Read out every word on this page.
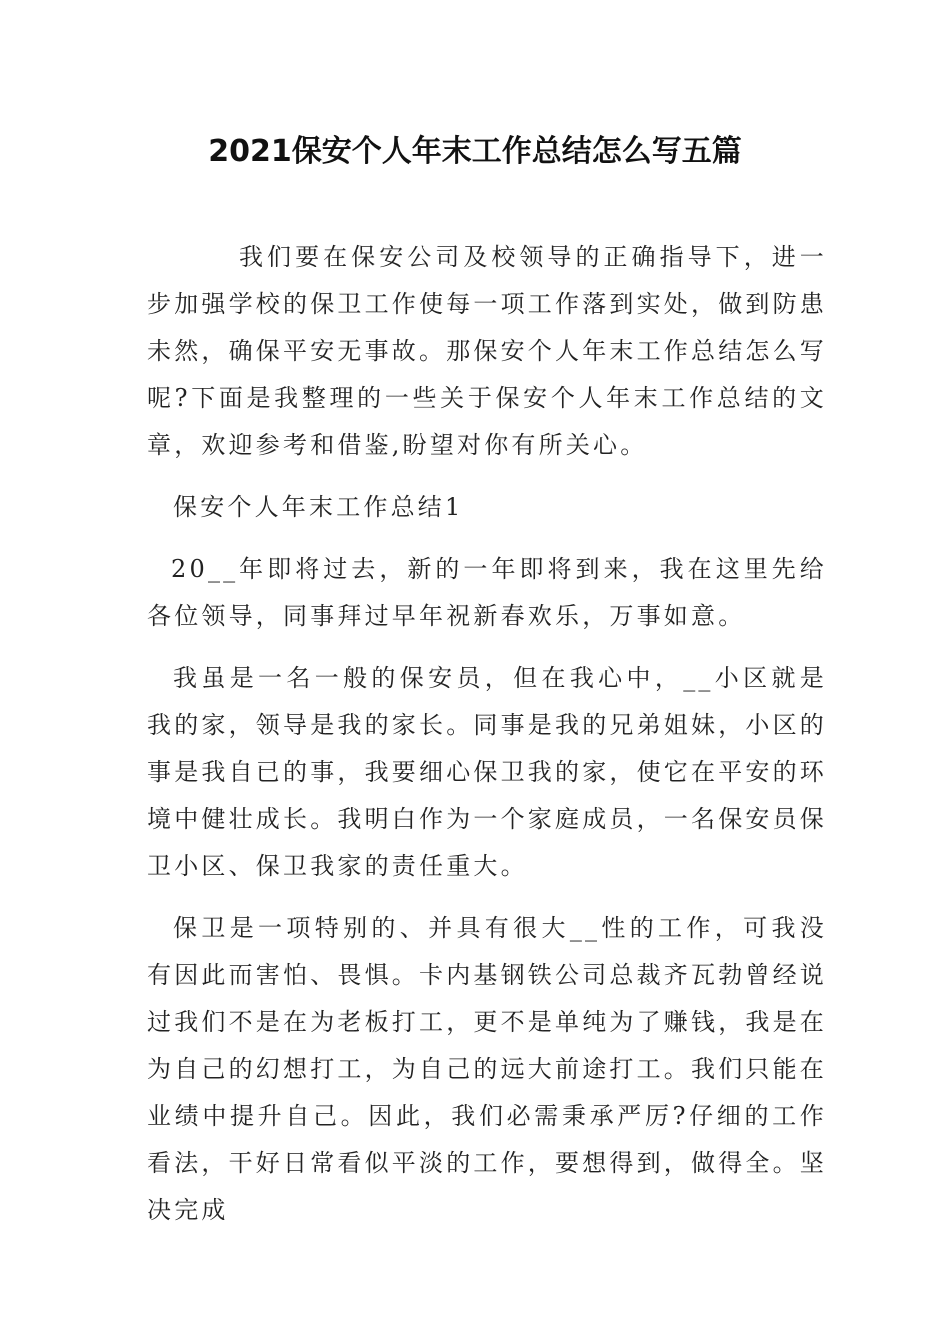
2021保安个人年末工作总结怎么写五篇

我们要在保安公司及校领导的正确指导下，进一步加强学校的保卫工作使每一项工作落到实处，做到防患未然，确保平安无事故。那保安个人年末工作总结怎么写呢?下面是我整理的一些关于保安个人年末工作总结的文章，欢迎参考和借鉴,盼望对你有所关心。

保安个人年末工作总结1

20__年即将过去，新的一年即将到来，我在这里先给各位领导，同事拜过早年祝新春欢乐，万事如意。

我虽是一名一般的保安员，但在我心中，__小区就是我的家，领导是我的家长。同事是我的兄弟姐妹，小区的事是我自已的事，我要细心保卫我的家，使它在平安的环境中健壮成长。我明白作为一个家庭成员，一名保安员保卫小区、保卫我家的责任重大。

保卫是一项特别的、并具有很大__性的工作，可我没有因此而害怕、畏惧。卡内基钢铁公司总裁齐瓦勃曾经说过我们不是在为老板打工，更不是单纯为了赚钱，我是在为自己的幻想打工，为自己的远大前途打工。我们只能在业绩中提升自己。因此，我们必需秉承严厉?仔细的工作看法，干好日常看似平淡的工作，要想得到，做得全。坚决完成
